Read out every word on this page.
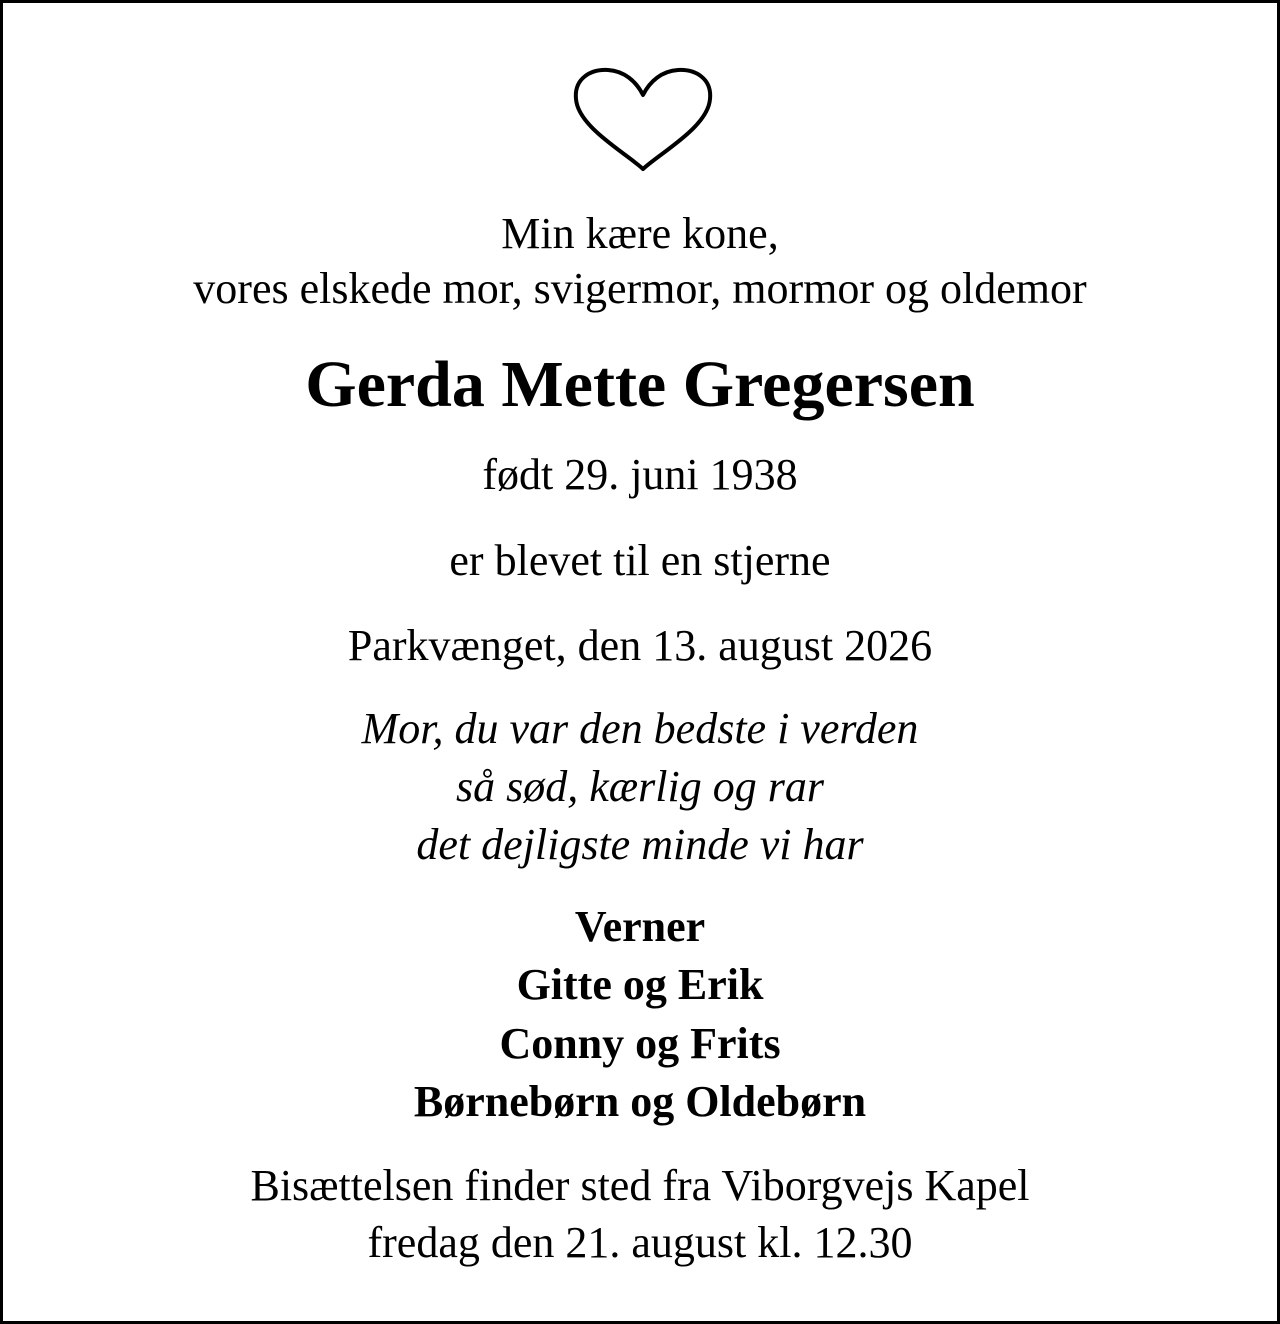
Min kære kone,
vores elskede mor, svigermor, mormor og oldemor
Gerda Mette Gregersen
født 29. juni 1938
er blevet til en stjerne
Parkvænget, den 13. august 2026
Mor, du var den bedste i verden
så sød, kærlig og rar
det dejligste minde vi har
Verner
Gitte og Erik
Conny og Frits
Børnebørn og Oldebørn
Bisættelsen finder sted fra Viborgvejs Kapel
fredag den 21. august kl. 12.30
